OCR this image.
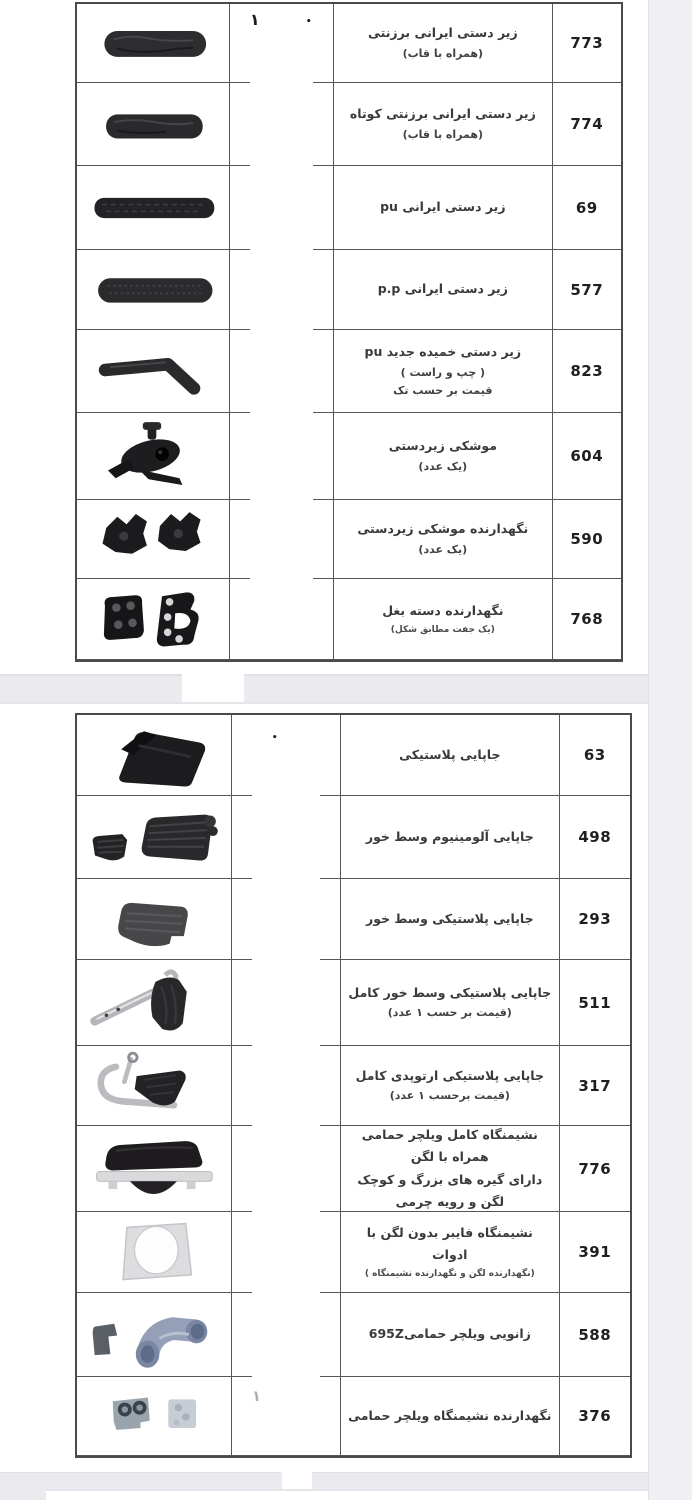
۱	•
زیر دستی ایرانی برزنتی
(همراه با قاب)
773
زیر دستی ایرانی برزنتی کوتاه
(همراه با قاب)
774
زیر دستی ایرانی pu	69
زیر دستی ایرانی p.p	577
زیر دستی خمیده جدید pu
( چپ و راست )
قیمت بر حسب تک
823
موشکی زیردستی
(یک عدد)
604
نگهدارنده موشکی زیردستی
(یک عدد)
590
نگهدارنده دسته بغل
(یک جفت مطابق شکل)
768
•
جاپایی پلاستیکی	63
جاپایی آلومینیوم وسط خور	498
جاپایی پلاستیکی وسط خور	293
جاپایی پلاستیکی وسط خور کامل
(قیمت بر حسب ۱ عدد)
511
جاپایی پلاستیکی ارتوپدی کامل
(قیمت برحسب ۱ عدد)
317
نشیمنگاه کامل ویلچر حمامی همراه با لگن
دارای گیره های بزرگ و کوچک لگن و رویه چرمی
776
نشیمنگاه فایبر بدون لگن با ادوات
(نگهدارنده لگن و نگهدارنده نشیمنگاه )
391
زانویی ویلچر حمامی695Z	588
۱
نگهدارنده نشیمنگاه ویلچر حمامی	376
